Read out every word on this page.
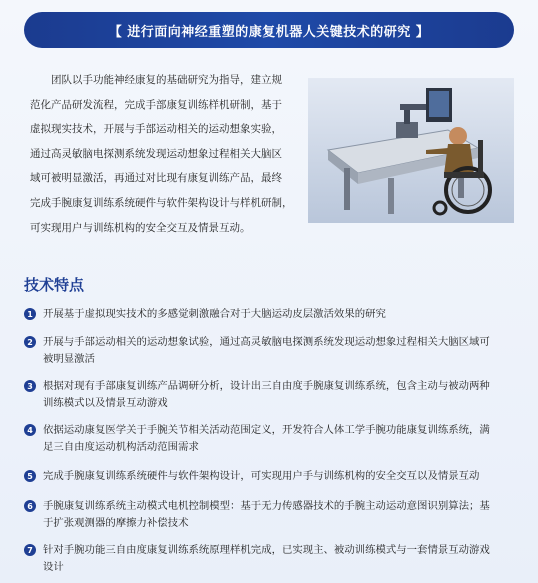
【 进行面向神经重塑的康复机器人关键技术的研究 】

团队以手功能神经康复的基础研究为指导，建立规

范化产品研发流程，完成手部康复训练样机研制，基于
虚拟现实技术，开展与手部运动相关的运动想象实验，
通过高灵敏脑电探测系统发现运动想象过程相关大脑区
域可被明显激活，再通过对比现有康复训练产品，最终
完成手腕康复训练系统硬件与软件架构设计与样机研制，
可实现用户与训练机构的安全交互及情景互动。
技术特点
1 开展基于虚拟现实技术的多感觉刺激融合对于大脑运动皮层激活效果的研究
2 开展与手部运动相关的运动想象试验，通过高灵敏脑电探测系统发现运动想象过程相关大脑区域可
被明显激活
3 根据对现有手部康复训练产品调研分析，设计出三自由度手腕康复训练系统，包含主动与被动两种
训练模式以及情景互动游戏
4 依据运动康复医学关于手腕关节相关活动范围定义，开发符合人体工学手腕功能康复训练系统，满
足三自由度运动机构活动范围需求
5 完成手腕康复训练系统硬件与软件架构设计，可实现用户手与训练机构的安全交互以及情景互动
6 手腕康复训练系统主动模式电机控制模型：基于无力传感器技术的手腕主动运动意图识别算法；基
于扩张观测器的摩擦力补偿技术
7 针对手腕功能三自由度康复训练系统原理样机完成，已实现主、被动训练模式与一套情景互动游戏
设计
